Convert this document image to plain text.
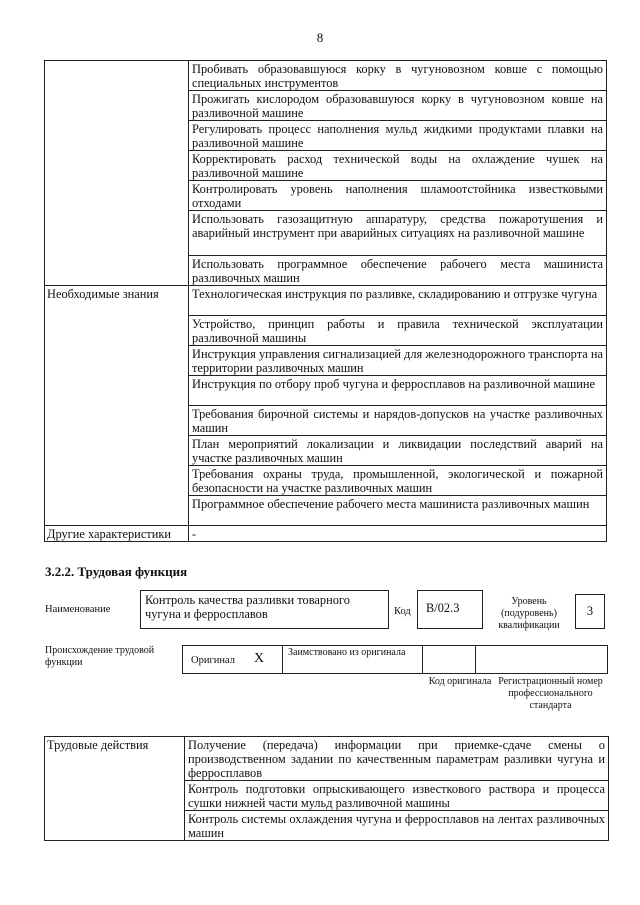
8
	Пробивать образовавшуюся корку в чугуновозном ковше с помощью специальных инструментов
	Прожигать кислородом образовавшуюся корку в чугуновозном ковше на разливочной машине
	Регулировать процесс наполнения мульд жидкими продуктами плавки на разливочной машине
	Корректировать расход технической воды на охлаждение чушек на разливочной машине
	Контролировать уровень наполнения шламоотстойника известковыми отходами
	Использовать газозащитную аппаратуру, средства пожаротушения и аварийный инструмент при аварийных ситуациях на разливочной машине
	Использовать программное обеспечение рабочего места машиниста разливочных машин
Необходимые знания	Технологическая инструкция по разливке, складированию и отгрузке чугуна
	Устройство, принцип работы и правила технической эксплуатации разливочной машины
	Инструкция управления сигнализацией для железнодорожного транспорта на территории разливочных машин
	Инструкция по отбору проб чугуна и ферросплавов на разливочной машине
	Требования бирочной системы и нарядов-допусков на участке разливочных машин
	План мероприятий локализации и ликвидации последствий аварий на участке разливочных машин
	Требования охраны труда, промышленной, экологической и пожарной безопасности на участке разливочных машин
	Программное обеспечение рабочего места машиниста разливочных машин
Другие характеристики	-
3.2.2. Трудовая функция
Наименование
Контроль качества разливки товарного чугуна и ферросплавов	Код	В/02.3	Уровень (подуровень) квалификации
3
Происхождение трудовой функции	Оригинал X Заимствовано из оригинала
Код оригинала Регистрационный номер профессионального стандарта
Трудовые действия	Получение (передача) информации при приемке-сдаче смены о производственном задании по качественным параметрам разливки чугуна и ферросплавов
Контроль подготовки опрыскивающего известкового раствора и процесса сушки нижней части мульд разливочной машины
Контроль системы охлаждения чугуна и ферросплавов на лентах разливочных машин
